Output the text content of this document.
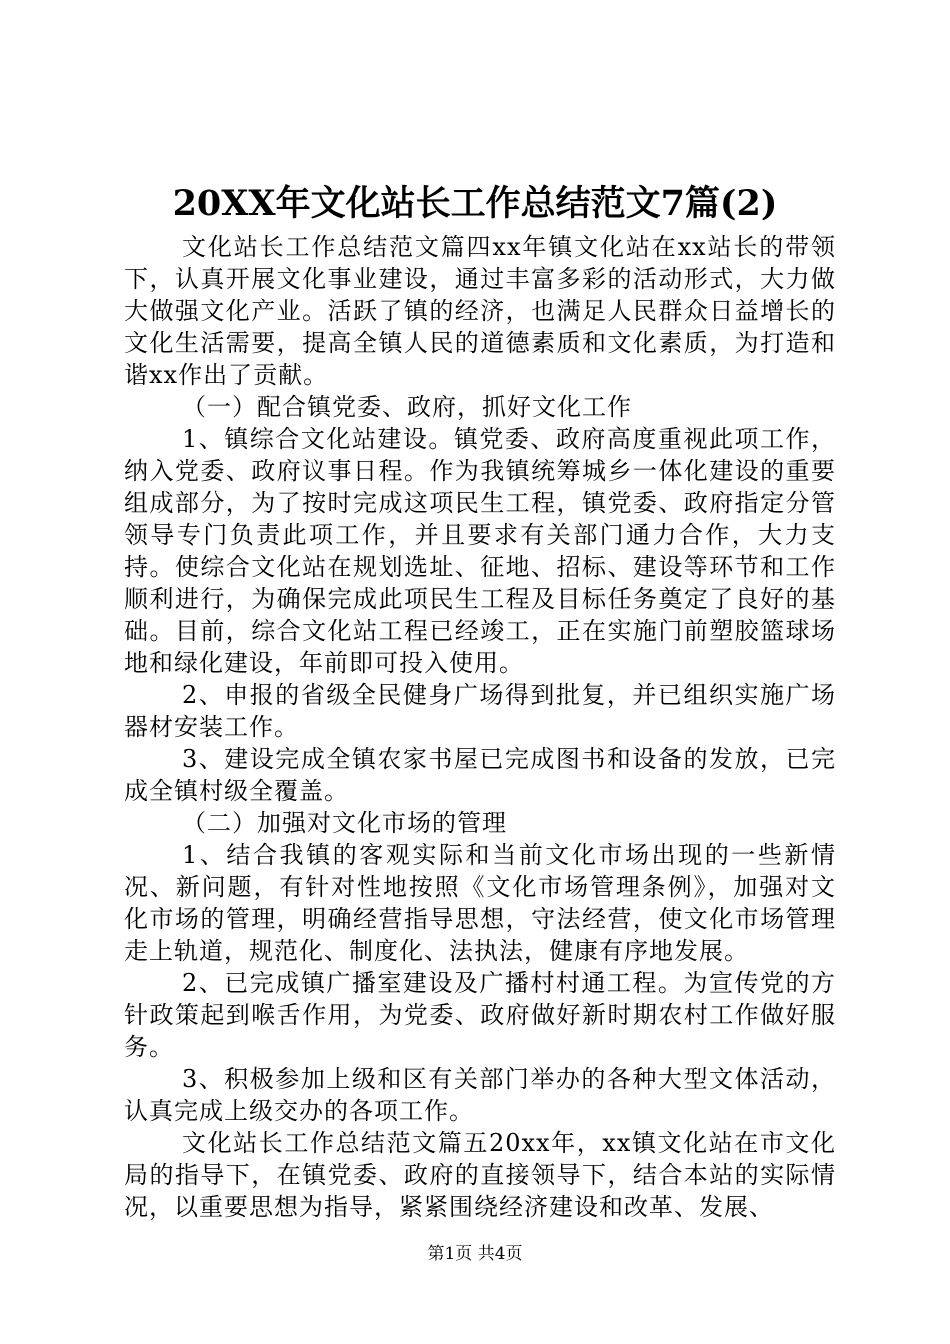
20XX年文化站长工作总结范文7篇(2)

文化站长工作总结范文篇四xx年镇文化站在xx站长的带领下，认真开展文化事业建设，通过丰富多彩的活动形式，大力做大做强文化产业。活跃了镇的经济，也满足人民群众日益增长的文化生活需要，提高全镇人民的道德素质和文化素质，为打造和谐xx作出了贡献。

（一）配合镇党委、政府，抓好文化工作

1、镇综合文化站建设。镇党委、政府高度重视此项工作，纳入党委、政府议事日程。作为我镇统筹城乡一体化建设的重要组成部分，为了按时完成这项民生工程，镇党委、政府指定分管领导专门负责此项工作，并且要求有关部门通力合作，大力支持。使综合文化站在规划选址、征地、招标、建设等环节和工作顺利进行，为确保完成此项民生工程及目标任务奠定了良好的基础。目前，综合文化站工程已经竣工，正在实施门前塑胶篮球场地和绿化建设，年前即可投入使用。

2、申报的省级全民健身广场得到批复，并已组织实施广场器材安装工作。

3、建设完成全镇农家书屋已完成图书和设备的发放，已完成全镇村级全覆盖。

（二）加强对文化市场的管理

1、结合我镇的客观实际和当前文化市场出现的一些新情况、新问题，有针对性地按照《文化市场管理条例》，加强对文化市场的管理，明确经营指导思想，守法经营，使文化市场管理走上轨道，规范化、制度化、法执法，健康有序地发展。

2、已完成镇广播室建设及广播村村通工程。为宣传党的方针政策起到喉舌作用，为党委、政府做好新时期农村工作做好服务。

3、积极参加上级和区有关部门举办的各种大型文体活动，认真完成上级交办的各项工作。

文化站长工作总结范文篇五20xx年，xx镇文化站在市文化局的指导下，在镇党委、政府的直接领导下，结合本站的实际情况，以重要思想为指导，紧紧围绕经济建设和改革、发展、

第1页 共4页
